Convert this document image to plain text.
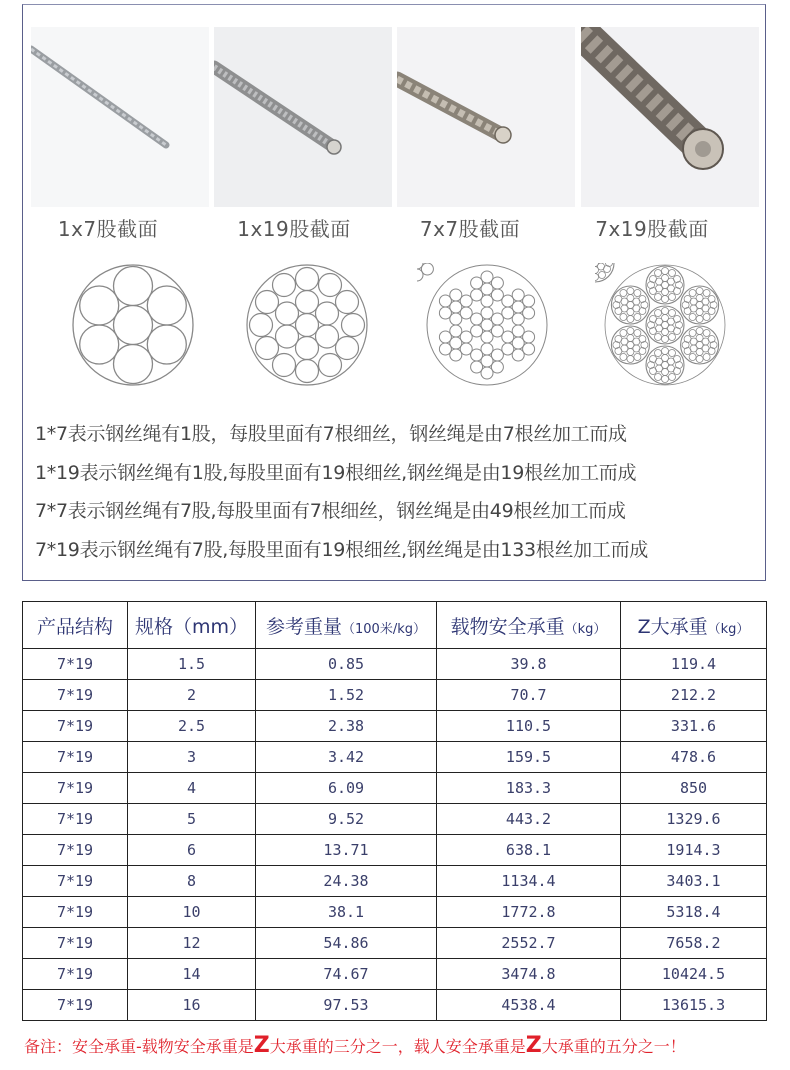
1x7股截面	1x19股截面	7x7股截面	7x19股截面
1*7表示钢丝绳有1股，每股里面有7根细丝，钢丝绳是由7根丝加工而成
1*19表示钢丝绳有1股,每股里面有19根细丝,钢丝绳是由19根丝加工而成
7*7表示钢丝绳有7股,每股里面有7根细丝，钢丝绳是由49根丝加工而成
7*19表示钢丝绳有7股,每股里面有19根细丝,钢丝绳是由133根丝加工而成
产品结构	规格（mm）	参考重量（100米/kg）	载物安全承重（kg）	Z大承重（kg）
7*19	1.5	0.85	39.8	119.4
7*19	2	1.52	70.7	212.2
7*19	2.5	2.38	110.5	331.6
7*19	3	3.42	159.5	478.6
7*19	4	6.09	183.3	850
7*19	5	9.52	443.2	1329.6
7*19	6	13.71	638.1	1914.3
7*19	8	24.38	1134.4	3403.1
7*19	10	38.1	1772.8	5318.4
7*19	12	54.86	2552.7	7658.2
7*19	14	74.67	3474.8	10424.5
7*19	16	97.53	4538.4	13615.3
备注：安全承重-载物安全承重是Z大承重的三分之一，载人安全承重是Z大承重的五分之一！
